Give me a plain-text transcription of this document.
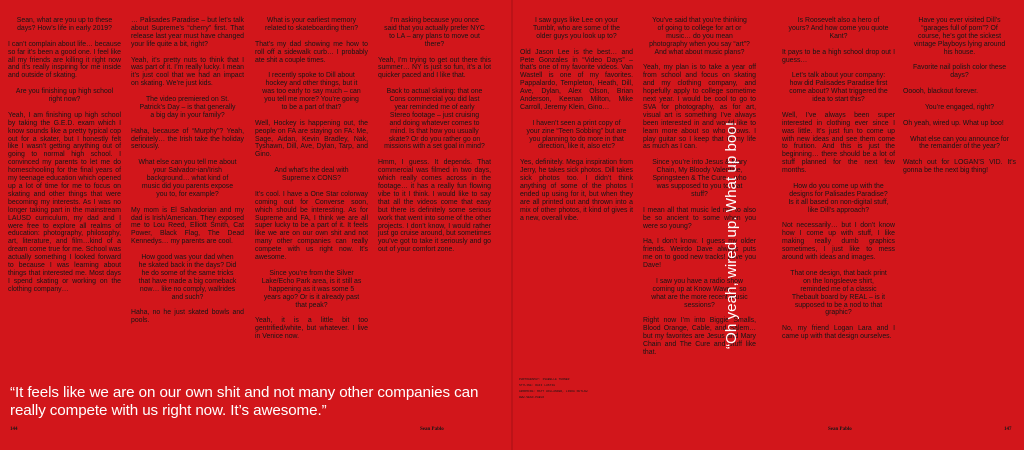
Sean, what are you up to these days? How’s life in early 2019?

I can’t complain about life… because so far it’s been a good one. I feel like all my friends are killing it right now and it’s really inspiring for me inside and outside of skating.

Are you finishing up high school right now?

Yeah, I am finishing up high school by taking the G.E.D. exam which I know sounds like a pretty typical cop out for a skater, but I honestly felt like I wasn’t getting anything out of going to normal high school. I convinced my parents to let me do homeschooling for the final years of my teenage education which opened up a lot of time for me to focus on skating and other things that were becoming my interests. As I was no longer taking part in the mainstream LAUSD curriculum, my dad and I were free to explore all realms of education: photography, philosophy, art, literature, and film…kind of a dream come true for me. School was actually something I looked forward to because I was learning about things that interested me. Most days I spend skating or working on the clothing company…

… Palisades Paradise – but let’s talk about Supreme’s “cherry” first. That release last year must have changed your life quite a bit, right?

Yeah, it’s pretty nuts to think that I was part of it. I’m really lucky. I mean it’s just cool that we had an impact on skating. We’re just kids.

The video premiered on St. Patrick’s Day – is that generally a big day in your family?

Haha, because of “Murphy”? Yeah, definitely… the Irish take the holiday seriously.

What else can you tell me about your Salvador-ian/Irish background… what kind of music did you parents expose you to, for example?

My mom is El Salvadorian and my dad is Irish/American. They exposed me to Lou Reed, Elliott Smith, Cat Power, Black Flag, The Dead Kennedys… my parents are cool.

How good was your dad when he skated back in the days? Did he do some of the same tricks that have made a big comeback now… like no comply, wallrides and such?

Haha, no he just skated bowls and pools.

What is your earliest memory related to skateboarding then?

That’s my dad showing me how to roll off a sidewalk curb… I probably ate shit a couple times.

I recently spoke to Dill about hockey and other things, but it was too early to say much – can you tell me more? You’re going to be a part of that?

Well, Hockey is happening out, the people on FA are staying on FA: Me, Sage, Aidan, Kevin Bradley, Nak, Tyshawn, Dill, Ave, Dylan, Tarp, and Gino.

And what’s the deal with Supreme x CONS?

It’s cool. I have a One Star colorway coming out for Converse soon, which should be interesting. As for Supreme and FA, I think we are all super lucky to be a part of it. It feels like we are on our own shit and not many other companies can really compete with us right now. It’s awesome.

Since you’re from the Silver Lake/Echo Park area, is it still as happening as it was some 5 years ago? Or is it already past that peak?

Yeah, it is a little bit too gentrified/white, but whatever. I live in Venice now.

I’m asking because you once said that you actually prefer NYC to LA – any plans to move out there?

Yeah, I’m trying to get out there this summer… NY is just so fun, it’s a lot quicker paced and I like that.

Back to actual skating: that one Cons commercial you did last year reminded me of early Stereo footage – just cruising and doing whatever comes to mind. Is that how you usually skate? Or do you rather go on missions with a set goal in mind?

Hmm, I guess. It depends. That commercial was filmed in two days, which really comes across in the footage… it has a really fun flowing vibe to it I think. I would like to say that all the videos come that easy but there is definitely some serious work that went into some of the other projects. I don’t know, I would rather just go cruise around, but sometimes you’ve got to take it seriously and go out of your comfort zone.

I saw guys like Lee on your Tumblr, who are some of the older guys you look up to?

Old Jason Lee is the best… and Pete Gonzales in “Video Days” – that’s one of my favorite videos. Van Wastell is one of my favorites. Pappalardo, Templeton, Heath, Dill, Ave, Dylan, Alex Olson, Brian Anderson, Keenan Milton, Mike Carroll, Jeremy Klein, Gino…

I haven’t seen a print copy of your zine “Teen Sobbing” but are you planning to do more in that direction, like it, also etc?

Yes, definitely. Mega inspiration from Jerry, he takes sick photos. Dill takes sick photos too. I didn’t think anything of some of the photos I ended up using for it, but when they are all printed out and thrown into a mix of other photos, it kind of gives it a new, overall vibe.

You’ve said that you’re thinking of going to college for art or music… do you mean photography when you say “art”? And what about music plans?

Yeah, my plan is to take a year off from school and focus on skating and my clothing company, and hopefully apply to college sometime next year. I would be cool to go to SVA for photography, as for art, visual art is something I’ve always been interested in and would like to learn more about so who knows. I play guitar so I keep that in my life as much as I can.

Since you’re into Jesus & Mary Chain, My Bloody Valentine, Springsteen & The Cure – who was supposed to you to that stuff?

I mean all that music led me to also be so ancient to some when you were so young?

Ha, I don’t know. I guess my older friends. Weirdo Dave always puts me on to good new tracks! Love you Dave!

I saw you have a radio show coming up at Know Wave… so what are the more recent music sessions?

Right now I’m into Biggie Smalls, Blood Orange, Cable, and Salem… but my favorites are Jesus and Mary Chain and The Cure and stuff like that.

Is Roosevelt also a hero of yours? And how come you quote Kant?

It pays to be a high school drop out I guess…

Let’s talk about your company: how did Palisades Paradise first come about? What triggered the idea to start this?

Well, I’ve always been super interested in clothing ever since I was little. It’s just fun to come up with new ideas and see them come to fruition. And this is just the beginning… there should be a lot of stuff planned for the next few months.

How do you come up with the designs for Palisades Paradise? Is it all based on non-digital stuff, like Dill’s approach?

Not necessarily… but I don’t know how I come up with stuff, I like making really dumb graphics sometimes, I just like to mess around with ideas and images.

That one design, that back print on the longsleeve shirt, reminded me of a classic Thebault board by REAL – is it supposed to be a nod to that graphic?

No, my friend Logan Lara and I came up with that design ourselves.

Have you ever visited Dill’s “garages full of porn”? Of course, he’s got the sickest vintage Playboys lying around his house.

Favorite nail polish color these days?

Ooooh, blackout forever.

You’re engaged, right?

Oh yeah, wired up. What up boo!

What else can you announce for the remainder of the year?

Watch out for LOGAN’S VID. It’s gonna be the next big thing!

“It feels like we are on our own shit and not many other companies can really compete with us right now. It’s awesome.”
“Oh yeah, wired up. What up boo!
PHOTOGRAPHY: ISABELLE TURNER
STYLING: RAFI LUSTIG
GROOMING: MATT HOLLANDER, LINDA OUTLAW
WWW.SEAN.PABLO
144	Sean Pablo	Sean Pablo	147
